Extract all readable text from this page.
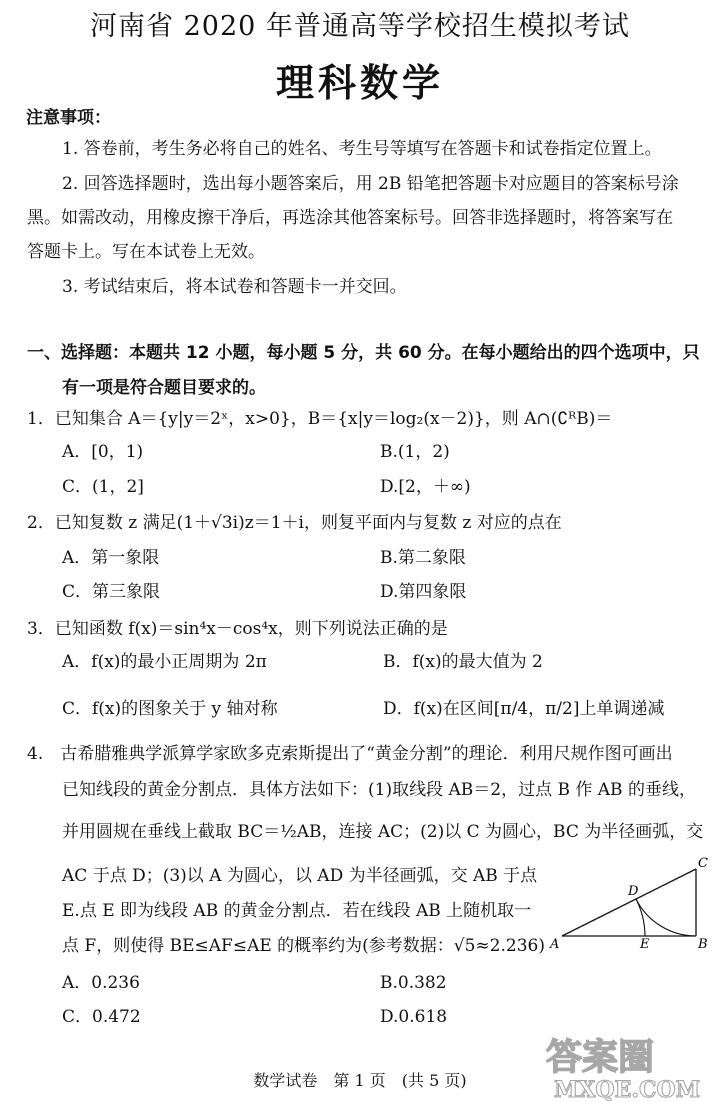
河南省 2020 年普通高等学校招生模拟考试
理科数学
注意事项：
1. 答卷前，考生务必将自己的姓名、考生号等填写在答题卡和试卷指定位置上。
2. 回答选择题时，选出每小题答案后，用 2B 铅笔把答题卡对应题目的答案标号涂
黑。如需改动，用橡皮擦干净后，再选涂其他答案标号。回答非选择题时，将答案写在
答题卡上。写在本试卷上无效。
3. 考试结束后，将本试卷和答题卡一并交回。
一、选择题：本题共 12 小题，每小题 5 分，共 60 分。在每小题给出的四个选项中，只
有一项是符合题目要求的。
1．已知集合 A＝{y|y＝2ˣ，x>0}，B＝{x|y＝log₂(x－2)}，则 A∩(∁ᴿB)＝
A．[0，1)	B.(1，2)
C．(1，2]	D.[2，＋∞)
2．已知复数 z 满足(1＋√3i)z＝1＋i，则复平面内与复数 z 对应的点在
A．第一象限	B.第二象限
C．第三象限	D.第四象限
3．已知函数 f(x)＝sin⁴x－cos⁴x，则下列说法正确的是
A．f(x)的最小正周期为 2π	B．f(x)的最大值为 2
C．f(x)的图象关于 y 轴对称	D．f(x)在区间[π/4，π/2]上单调递减
4.　古希腊雅典学派算学家欧多克索斯提出了“黄金分割”的理论．利用尺规作图可画出
已知线段的黄金分割点．具体方法如下：(1)取线段 AB＝2，过点 B 作 AB 的垂线，
并用圆规在垂线上截取 BC＝½AB，连接 AC；(2)以 C 为圆心，BC 为半径画弧，交
AC 于点 D；(3)以 A 为圆心，以 AD 为半径画弧，交 AB 于点
E.点 E 即为线段 AB 的黄金分割点．若在线段 AB 上随机取一
点 F，则使得 BE≤AF≤AE 的概率约为(参考数据：√5≈2.236) A	B
C
D
E
A．0.236	B.0.382
C．0.472	D.0.618
数学试卷　第 1 页　(共 5 页)
答案圈
MXQE.COM
